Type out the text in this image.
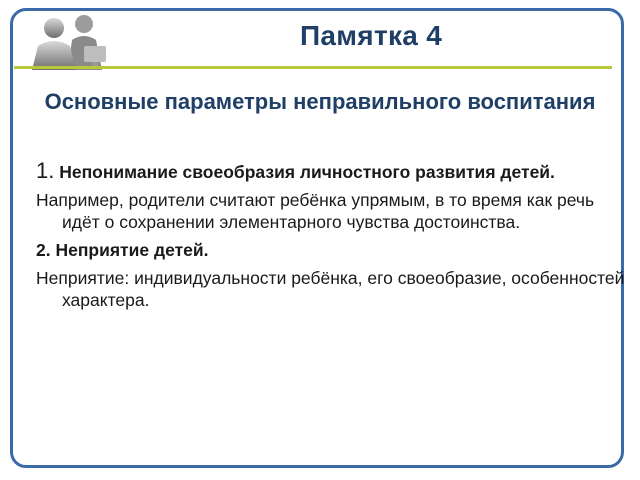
Памятка 4
Основные параметры неправильного воспитания

1. Непонимание своеобразия личностного развития детей.

Например, родители считают ребёнка упрямым, в то время как речь идёт о сохранении элементарного чувства достоинства.

2. Неприятие детей.

Неприятие: индивидуальности ребёнка, его своеобразие, особенностей характера.
